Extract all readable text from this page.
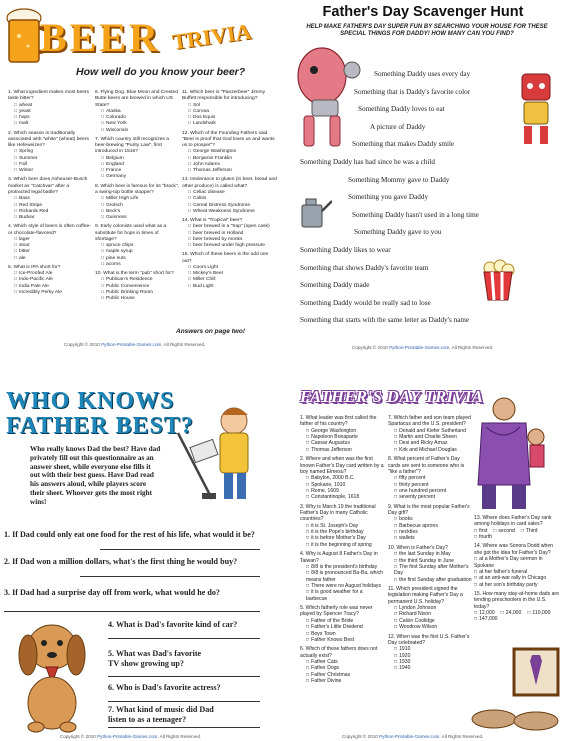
BEER TRIVIA
How well do you know your beer?
1. What ingredient makes most beers taste bitter?
□ wheat
□ yeast
□ hops
□ malt
2. Which season is traditionally associated with "white" (wheat) beers like Hefeweizen?
□ Spring
□ Summer
□ Fall
□ Winter
3. Which beer does Anheuser-Busch market as "Catchvar" after a protracted legal battle?
□ Bass
□ Red Stripe
□ Rickards Red
□ Budvar
4. Which style of beers is often coffee- or chocolate-flavored?
□ lager
□ stout
□ bitter
□ ale
5. What is IPA short for?
□ Ice-Proofed Ale
□ Indo-Pacific Ale
□ India Pale Ale
□ Incredibly Perky Ale
6. Flying Dog, Blue Moon and Crested Butte beers are brewed in which US State?
□ Alaska
□ Colorado
□ New York
□ Wisconsin
7. Which country still recognizes a beer-brewing "Purity Law", first introduced in 1516?
□ Belgium
□ England
□ France
□ Germany
8. Which beer is famous for its "brack", a swing-top bottle stopper?
□ Miller High Life
□ Grolsch
□ Beck's
□ Guinness
9. Early colonists used what as a substitute for hops in times of shortage?
□ spruce chips
□ maple syrup
□ pine nuts
□ acorns
10. What is the term "pub" short for?
□ Publican's Residence
□ Public Convenience
□ Public Drinking Room
□ Public House
11. Which beer is "Panzerbeer" Jimmy Buffett responsible for introducing?
□ Sol
□ Corona
□ Dos Equis
□ Landshark
12. Which of the Founding Fathers said "Beer is proof that God loves us and wants us to prosper"?
□ George Washington
□ Benjamin Franklin
□ John Adams
□ Thomas Jefferson
13. Intolerance to gluten (in beer, bread and other produce) is called what?
□ Celiac disease
□ Colitis
□ Cereal Distress Syndrome
□ Wheat Weakness Syndrome
14. What is "Tropical" beer?
□ beer brewed in a "trap" (open cask)
□ beer brewed in Holland
□ beer brewed by monks
□ beer brewed under high pressure
15. Which of these beers is the odd one out?
□ Coors Light
□ Mickey's Beer
□ Miller Chill
□ Bud Light
Answers on page two!
Copyright © 2010 Python-Printable-Games.com. All Rights Reserved.
Father's Day Scavenger Hunt
HELP MAKE FATHER'S DAY SUPER FUN BY SEARCHING YOUR HOUSE FOR THESE SPECIAL THINGS FOR DADDY! HOW MANY CAN YOU FIND?
Something Daddy uses every day
Something that is Daddy's favorite color
Something Daddy loves to eat
A picture of Daddy
Something that makes Daddy smile
Something Daddy has had since he was a child
Something Mommy gave to Daddy
Something you gave Daddy
Something Daddy hasn't used in a long time
Something Daddy gave to you
Something Daddy likes to wear
Something that shows Daddy's favorite team
Something Daddy made
Something Daddy would be really sad to lose
Something that starts with the same letter as Daddy's name
Copyright © 2010 Python-Printable-Games.com. All Rights Reserved.
WHO KNOWS
FATHER BEST?
Who really knows Dad the best? Have dad privately fill out this questionnaire as an answer sheet, while everyone else fills it out with their best guess. Have Dad read his answers aloud, while players score their sheet. Whoever gets the most right wins!
1. If Dad could only eat one food for the rest of his life, what would it be?
2. If Dad won a million dollars, what's the first thing he would buy?
3. If Dad had a surprise day off from work, what would he do?
4. What is Dad's favorite kind of car?
5. What was Dad's favorite TV show growing up?
6. Who is Dad's favorite actress?
7. What kind of music did Dad listen to as a teenager?
Copyright © 2010 Python-Printable-Games.com. All Rights Reserved.
FATHER'S DAY TRIVIA
1. What leader was first called the father of his country?
□ George Washington
□ Napoleon Bonaparte
□ Caesar Augustus
□ Thomas Jefferson
2. Where and when was the first known Father's Day card written by a boy named Elmesu?
□ Babylon, 2000 B.C.
□ Spokane, 1910
□ Rome, 1609
□ Constantinople, 1618
3. Why is March 19 the traditional Father's Day in many Catholic countries?
□ it is St. Joseph's Day
□ it is the Pope's birthday
□ it is before Mother's Day
□ it is the beginning of spring
4. Why is August 8 Father's Day in Taiwan?
□ 8/8 is the president's birthday
□ 8/8 is pronounced Ba-Ba, which means father
□ There were no August holidays
□ it is good weather for a barbecue
5. Which fatherly role was never played by Spencer Tracy?
□ Father of the Bride
□ Father's Little Dividend
□ Boys Town
□ Father Knows Best
6. Which of these fathers does not actually exist?
□ Father Cats
□ Father Dogs
□ Father Christmas
□ Father Divine
7. Which father and son team played Spartacus and the U.S. president?
□ Donald and Kiefer Sutherland
□ Martin and Charlie Sheen
□ Desi and Ricky Arnaz
□ Kirk and Michael Douglas
8. What percent of Father's Day cards are sent to someone who is "like a father"?
□ fifty percent
□ thirty percent
□ one hundred percent
□ seventy percent
9. What is the most popular Father's Day gift?
□ books
□ Barbecue aprons
□ neckties
□ wallets
10. When is Father's Day?
□ the last Sunday in May
□ the third Sunday in June
□ The first Sunday after Mother's Day
□ the first Sunday after graduation
11. Which president signed the legislation making Father's Day a permanent U.S. holiday?
□ Lyndon Johnson
□ Richard Nixon
□ Calvin Coolidge
□ Woodrow Wilson
12. When was the first U.S. Father's Day celebrated?
□ 1910
□ 1920
□ 1930
□ 1940
13. Where does Father's Day rank among holidays in card sales?
□ first □ second □ Third□ fourth
14. Where was Sonora Dodd when she got the idea for Father's Day?
□ at a Mother's Day sermon in Spokane□ at her father's funeral□ at an anti-war rally in Chicago□ at her son's birthday party
15. How many stay-at-home dads are tending preschoolers in the U.S. today?
□ 12,000 □ 24,000 □ 110,000□ 147,000
Copyright © 2010 Python-Printable-Games.com. All Rights Reserved.
